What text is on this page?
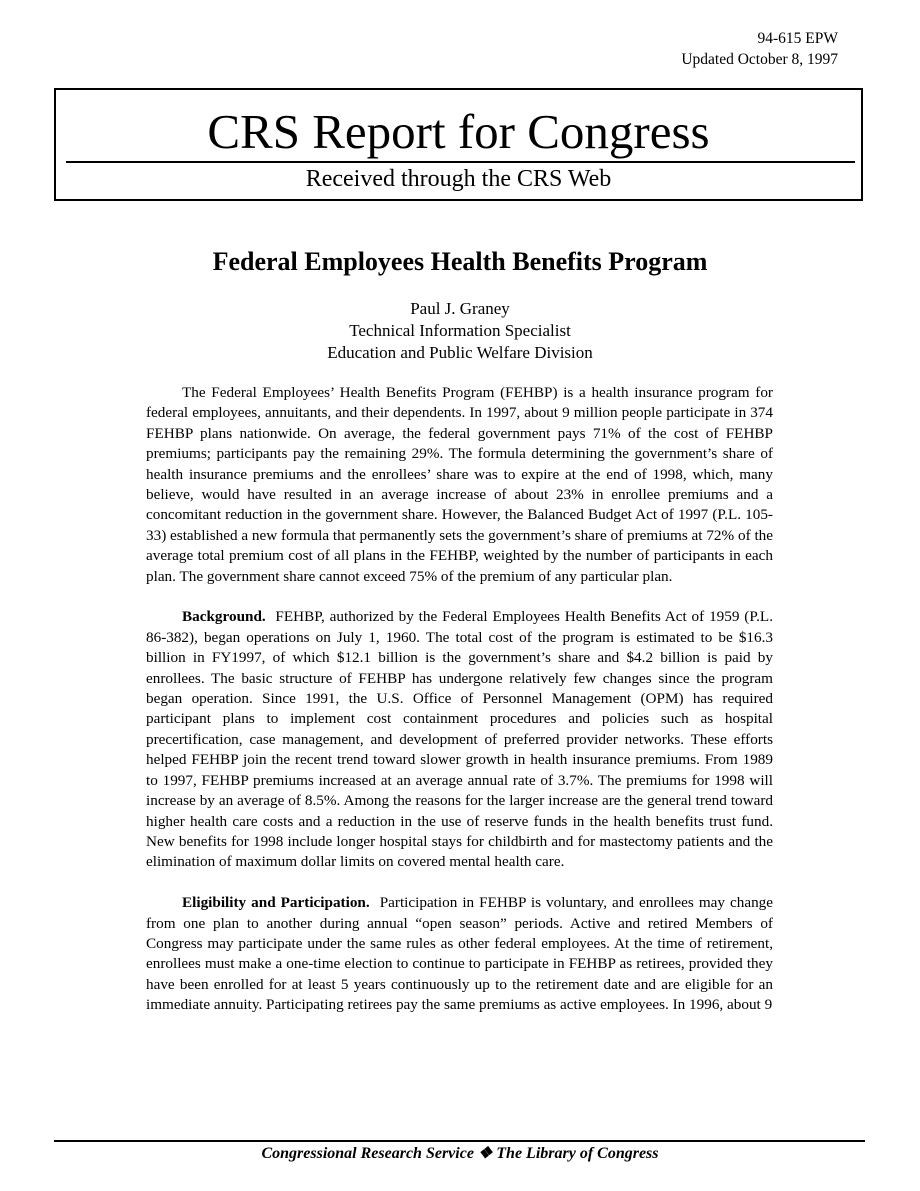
94-615 EPW
Updated October 8, 1997
CRS Report for Congress
Received through the CRS Web
Federal Employees Health Benefits Program
Paul J. Graney
Technical Information Specialist
Education and Public Welfare Division

The Federal Employees’ Health Benefits Program (FEHBP) is a health insurance program for federal employees, annuitants, and their dependents. In 1997, about 9 million people participate in 374 FEHBP plans nationwide. On average, the federal government pays 71% of the cost of FEHBP premiums; participants pay the remaining 29%. The formula determining the government’s share of health insurance premiums and the enrollees’ share was to expire at the end of 1998, which, many believe, would have resulted in an average increase of about 23% in enrollee premiums and a concomitant reduction in the government share. However, the Balanced Budget Act of 1997 (P.L. 105-33) established a new formula that permanently sets the government’s share of premiums at 72% of the average total premium cost of all plans in the FEHBP, weighted by the number of participants in each plan. The government share cannot exceed 75% of the premium of any particular plan.

Background. FEHBP, authorized by the Federal Employees Health Benefits Act of 1959 (P.L. 86-382), began operations on July 1, 1960. The total cost of the program is estimated to be $16.3 billion in FY1997, of which $12.1 billion is the government’s share and $4.2 billion is paid by enrollees. The basic structure of FEHBP has undergone relatively few changes since the program began operation. Since 1991, the U.S. Office of Personnel Management (OPM) has required participant plans to implement cost containment procedures and policies such as hospital precertification, case management, and development of preferred provider networks. These efforts helped FEHBP join the recent trend toward slower growth in health insurance premiums. From 1989 to 1997, FEHBP premiums increased at an average annual rate of 3.7%. The premiums for 1998 will increase by an average of 8.5%. Among the reasons for the larger increase are the general trend toward higher health care costs and a reduction in the use of reserve funds in the health benefits trust fund. New benefits for 1998 include longer hospital stays for childbirth and for mastectomy patients and the elimination of maximum dollar limits on covered mental health care.

Eligibility and Participation. Participation in FEHBP is voluntary, and enrollees may change from one plan to another during annual “open season” periods. Active and retired Members of Congress may participate under the same rules as other federal employees. At the time of retirement, enrollees must make a one-time election to continue to participate in FEHBP as retirees, provided they have been enrolled for at least 5 years continuously up to the retirement date and are eligible for an immediate annuity. Participating retirees pay the same premiums as active employees. In 1996, about 9

Congressional Research Service ❖ The Library of Congress
